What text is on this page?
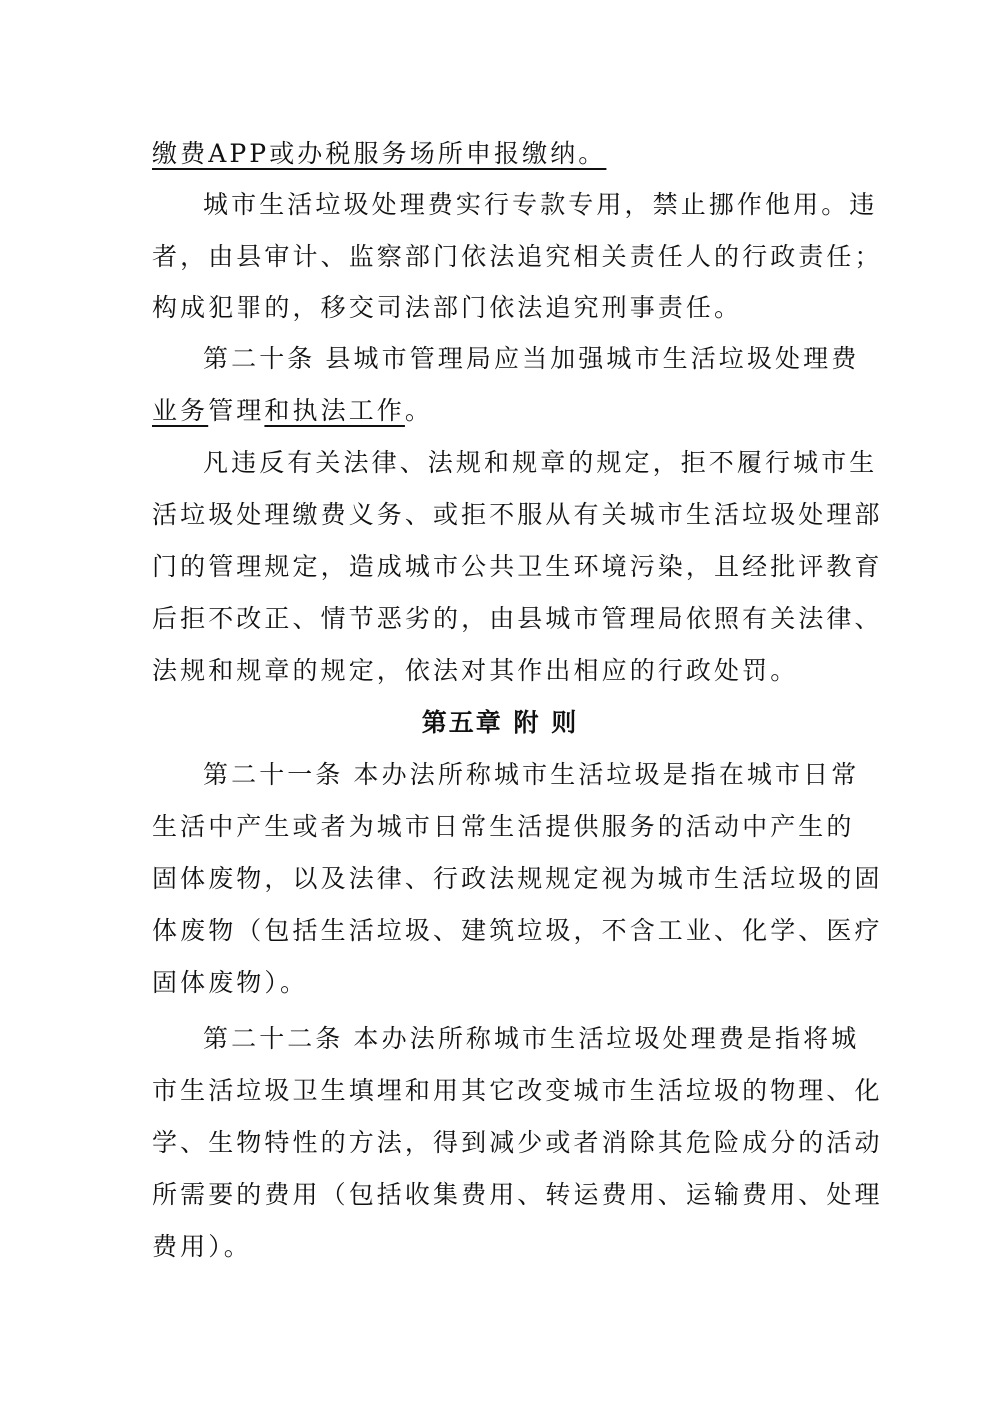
缴费APP或办税服务场所申报缴纳。
城市生活垃圾处理费实行专款专用，禁止挪作他用。违
者，由县审计、监察部门依法追究相关责任人的行政责任；
构成犯罪的，移交司法部门依法追究刑事责任。
第二十条 县城市管理局应当加强城市生活垃圾处理费
业务管理和执法工作。
凡违反有关法律、法规和规章的规定，拒不履行城市生
活垃圾处理缴费义务、或拒不服从有关城市生活垃圾处理部
门的管理规定，造成城市公共卫生环境污染，且经批评教育
后拒不改正、情节恶劣的，由县城市管理局依照有关法律、
法规和规章的规定，依法对其作出相应的行政处罚。
第五章 附 则
第二十一条 本办法所称城市生活垃圾是指在城市日常
生活中产生或者为城市日常生活提供服务的活动中产生的
固体废物，以及法律、行政法规规定视为城市生活垃圾的固
体废物（包括生活垃圾、建筑垃圾，不含工业、化学、医疗
固体废物）。
第二十二条 本办法所称城市生活垃圾处理费是指将城
市生活垃圾卫生填埋和用其它改变城市生活垃圾的物理、化
学、生物特性的方法，得到减少或者消除其危险成分的活动
所需要的费用（包括收集费用、转运费用、运输费用、处理
费用）。
